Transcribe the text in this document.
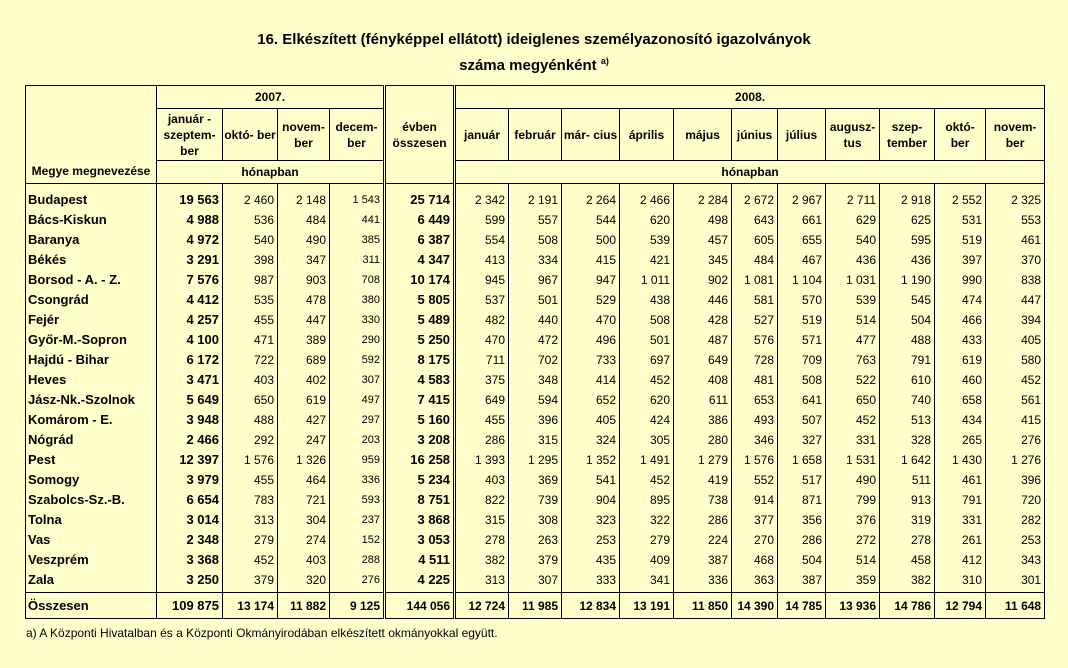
16. Elkészített (fényképpel ellátott) ideiglenes személyazonosító igazolványok
száma megyénként $^{a)}$
Megye megnevezése	2007.				évben összesen	2008.										
	január - szeptem- ber	októ- ber	novem- ber	decem- ber		január	február	már- cius	április	május	június	július	augusz- tus	szep- tember	októ- ber	novem- ber
	hónapban					hónapban										
Budapest	19 563	2 460	2 148	1 543	25 714	2 342	2 191	2 264	2 466	2 284	2 672	2 967	2 711	2 918	2 552	2 325
Bács-Kiskun	4 988	536	484	441	6 449	599	557	544	620	498	643	661	629	625	531	553
Baranya	4 972	540	490	385	6 387	554	508	500	539	457	605	655	540	595	519	461
Békés	3 291	398	347	311	4 347	413	334	415	421	345	484	467	436	436	397	370
Borsod - A. - Z.	7 576	987	903	708	10 174	945	967	947	1 011	902	1 081	1 104	1 031	1 190	990	838
Csongrád	4 412	535	478	380	5 805	537	501	529	438	446	581	570	539	545	474	447
Fejér	4 257	455	447	330	5 489	482	440	470	508	428	527	519	514	504	466	394
Győr-M.-Sopron	4 100	471	389	290	5 250	470	472	496	501	487	576	571	477	488	433	405
Hajdú - Bihar	6 172	722	689	592	8 175	711	702	733	697	649	728	709	763	791	619	580
Heves	3 471	403	402	307	4 583	375	348	414	452	408	481	508	522	610	460	452
Jász-Nk.-Szolnok	5 649	650	619	497	7 415	649	594	652	620	611	653	641	650	740	658	561
Komárom - E.	3 948	488	427	297	5 160	455	396	405	424	386	493	507	452	513	434	415
Nógrád	2 466	292	247	203	3 208	286	315	324	305	280	346	327	331	328	265	276
Pest	12 397	1 576	1 326	959	16 258	1 393	1 295	1 352	1 491	1 279	1 576	1 658	1 531	1 642	1 430	1 276
Somogy	3 979	455	464	336	5 234	403	369	541	452	419	552	517	490	511	461	396
Szabolcs-Sz.-B.	6 654	783	721	593	8 751	822	739	904	895	738	914	871	799	913	791	720
Tolna	3 014	313	304	237	3 868	315	308	323	322	286	377	356	376	319	331	282
Vas	2 348	279	274	152	3 053	278	263	253	279	224	270	286	272	278	261	253
Veszprém	3 368	452	403	288	4 511	382	379	435	409	387	468	504	514	458	412	343
Zala	3 250	379	320	276	4 225	313	307	333	341	336	363	387	359	382	310	301

Összesen	109 875	13 174	11 882	9 125	144 056	12 724	11 985	12 834	13 191	11 850	14 390	14 785	13 936	14 786	12 794	11 648
a) A Központi Hivatalban és a Központi Okmányirodában elkészített okmányokkal együtt.
